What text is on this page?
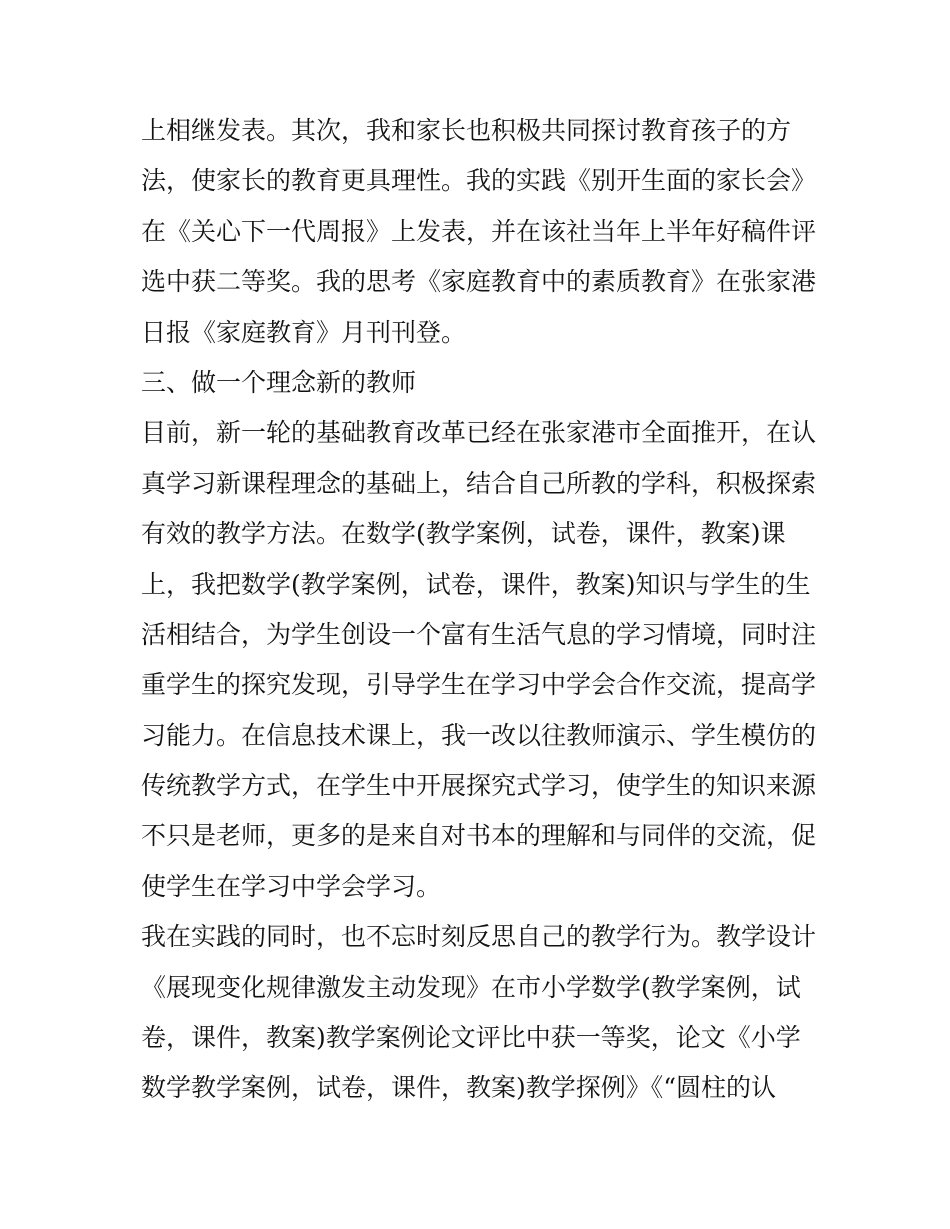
上相继发表。其次，我和家长也积极共同探讨教育孩子的方
法，使家长的教育更具理性。我的实践《别开生面的家长会》
在《关心下一代周报》上发表，并在该社当年上半年好稿件评
选中获二等奖。我的思考《家庭教育中的素质教育》在张家港
日报《家庭教育》月刊刊登。
三、做一个理念新的教师
目前，新一轮的基础教育改革已经在张家港市全面推开，在认
真学习新课程理念的基础上，结合自己所教的学科，积极探索
有效的教学方法。在数学(教学案例，试卷，课件，教案)课
上，我把数学(教学案例，试卷，课件，教案)知识与学生的生
活相结合，为学生创设一个富有生活气息的学习情境，同时注
重学生的探究发现，引导学生在学习中学会合作交流，提高学
习能力。在信息技术课上，我一改以往教师演示、学生模仿的
传统教学方式，在学生中开展探究式学习，使学生的知识来源
不只是老师，更多的是来自对书本的理解和与同伴的交流，促
使学生在学习中学会学习。
我在实践的同时，也不忘时刻反思自己的教学行为。教学设计
《展现变化规律激发主动发现》在市小学数学(教学案例，试
卷，课件，教案)教学案例论文评比中获一等奖，论文《小学
数学教学案例，试卷，课件，教案)教学探例》《“圆柱的认
